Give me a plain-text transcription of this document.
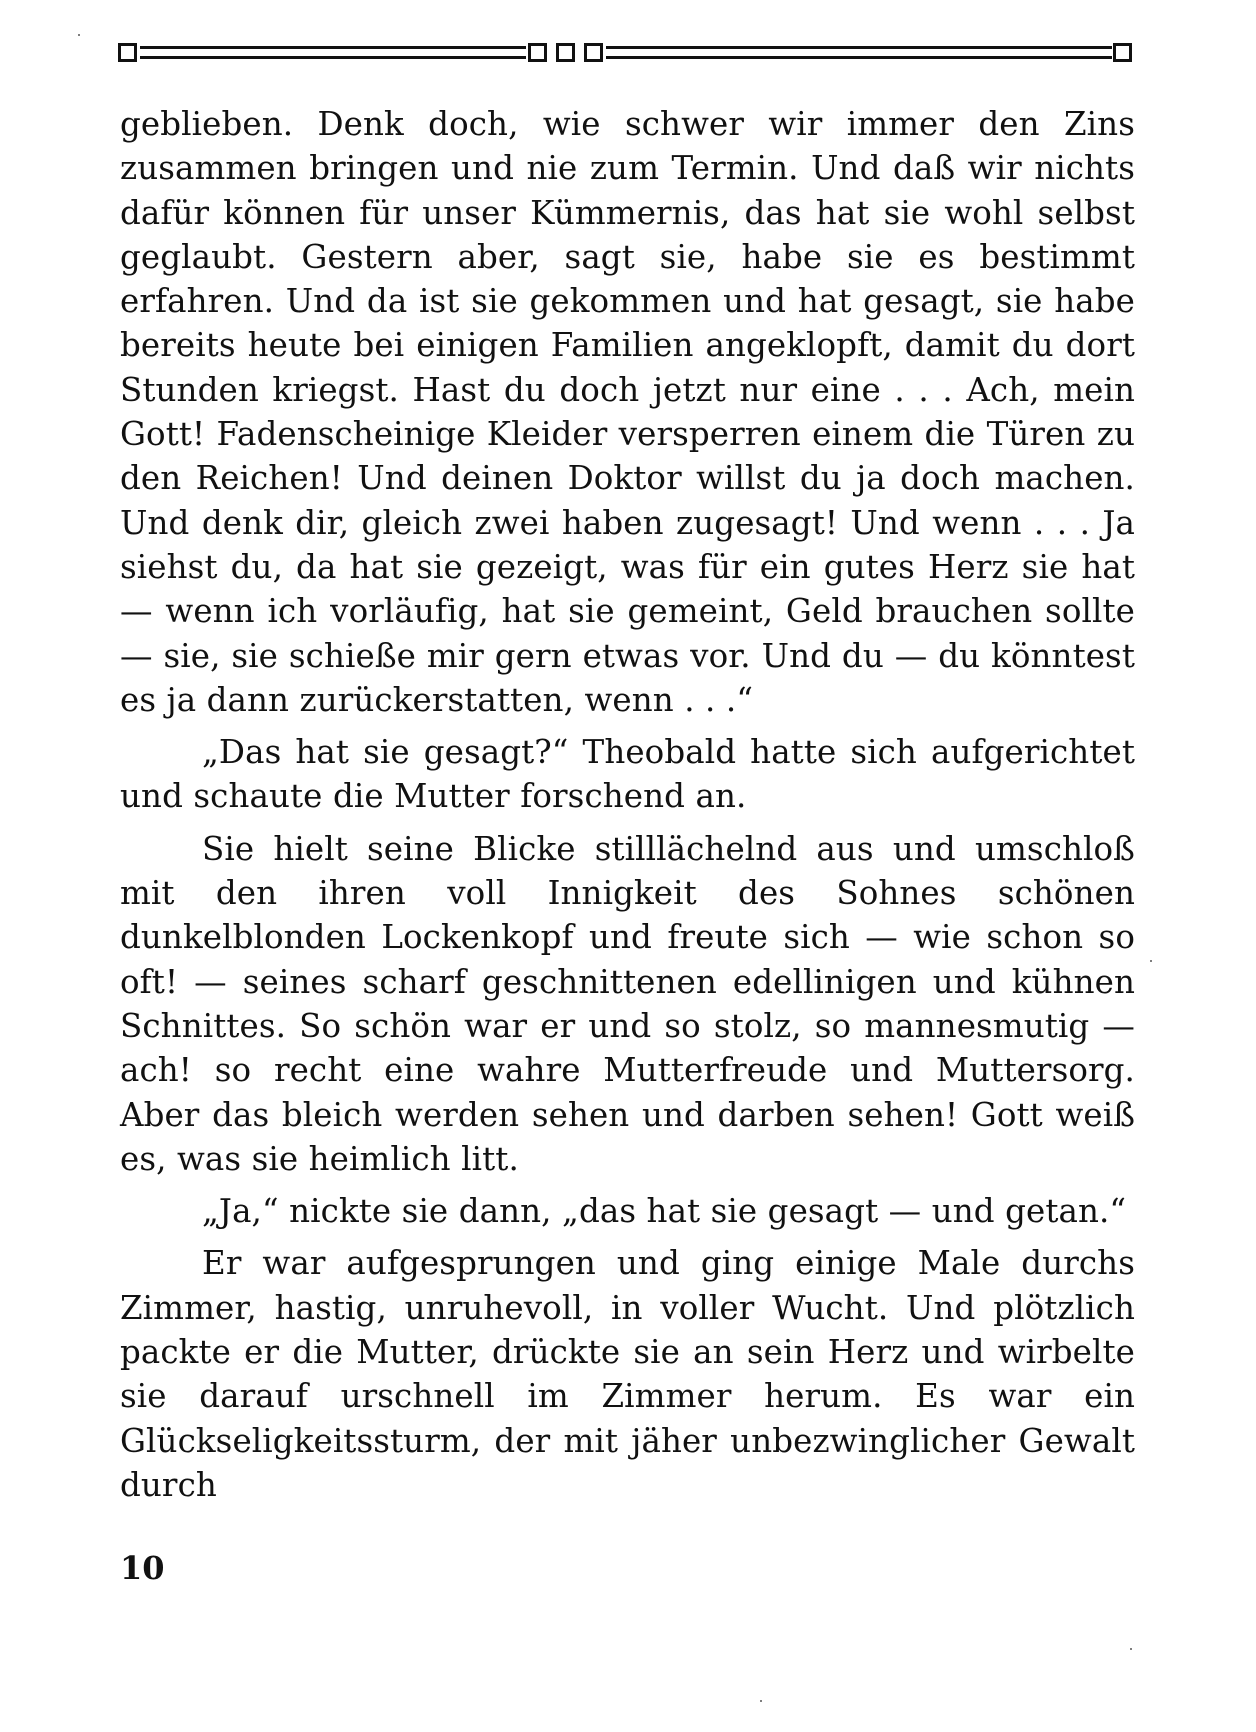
geblieben. Denk doch, wie schwer wir immer den Zins zusammen bringen und nie zum Termin. Und daß wir nichts dafür können für unser Kümmernis, das hat sie wohl selbst geglaubt. Gestern aber, sagt sie, habe sie es bestimmt erfahren. Und da ist sie gekommen und hat gesagt, sie habe bereits heute bei einigen Familien angeklopft, damit du dort Stunden kriegst. Hast du doch jetzt nur eine . . . Ach, mein Gott! Fadenscheinige Kleider versperren einem die Türen zu den Reichen! Und deinen Doktor willst du ja doch machen. Und denk dir, gleich zwei haben zugesagt! Und wenn . . . Ja siehst du, da hat sie gezeigt, was für ein gutes Herz sie hat — wenn ich vorläufig, hat sie gemeint, Geld brauchen sollte — sie, sie schieße mir gern etwas vor. Und du — du könntest es ja dann zurückerstatten, wenn . . .“

„Das hat sie gesagt?“ Theobald hatte sich aufgerichtet und schaute die Mutter forschend an.

Sie hielt seine Blicke stilllächelnd aus und umschloß mit den ihren voll Innigkeit des Sohnes schönen dunkelblonden Lockenkopf und freute sich — wie schon so oft! — seines scharf geschnittenen edellinigen und kühnen Schnittes. So schön war er und so stolz, so mannesmutig — ach! so recht eine wahre Mutterfreude und Muttersorg. Aber das bleich werden sehen und darben sehen! Gott weiß es, was sie heimlich litt.

„Ja,“ nickte sie dann, „das hat sie gesagt — und getan.“

Er war aufgesprungen und ging einige Male durchs Zimmer, hastig, unruhevoll, in voller Wucht. Und plötzlich packte er die Mutter, drückte sie an sein Herz und wirbelte sie darauf urschnell im Zimmer herum. Es war ein Glückseligkeitssturm, der mit jäher unbezwinglicher Gewalt durch

10
